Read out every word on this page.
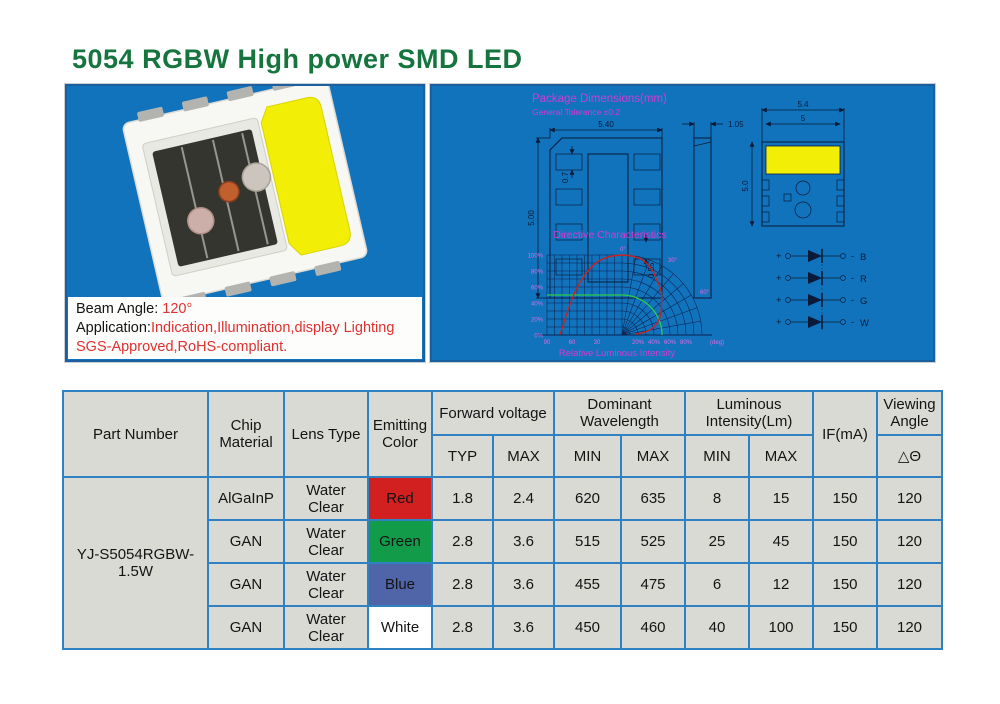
5054 RGBW High power SMD LED
Beam Angle: 120°
Application:Indication,Illumination,display Lighting
SGS-Approved,RoHS-compliant.
Package Dimensions(mm)
General Tolerance ±0.2
5.40
5.00
0.7
0.55
1.05
5.4
5
5.0
Directive Characteristics
100%
80%
60%
40%
20%
0%
90	60	30
0°
20% 40% 60% 80%
30°
60°
(deg)
Relative Luminous Intensity
+	- B
+	- R
+	- G
+	- W
Part Number	Chip Material	Lens Type	Emitting Color	Forward voltage		Dominant Wavelength		Luminous Intensity(Lm)		IF(mA)	Viewing Angle
				TYP	MAX	MIN	MAX	MIN	MAX		△Θ
YJ-S5054RGBW-1.5W	AlGaInP	Water Clear	Red	1.8	2.4	620	635	8	15	150	120
	GAN	Water Clear	Green	2.8	3.6	515	525	25	45	150	120
	GAN	Water Clear	Blue	2.8	3.6	455	475	6	12	150	120
	GAN	Water Clear	White	2.8	3.6	450	460	40	100	150	120
